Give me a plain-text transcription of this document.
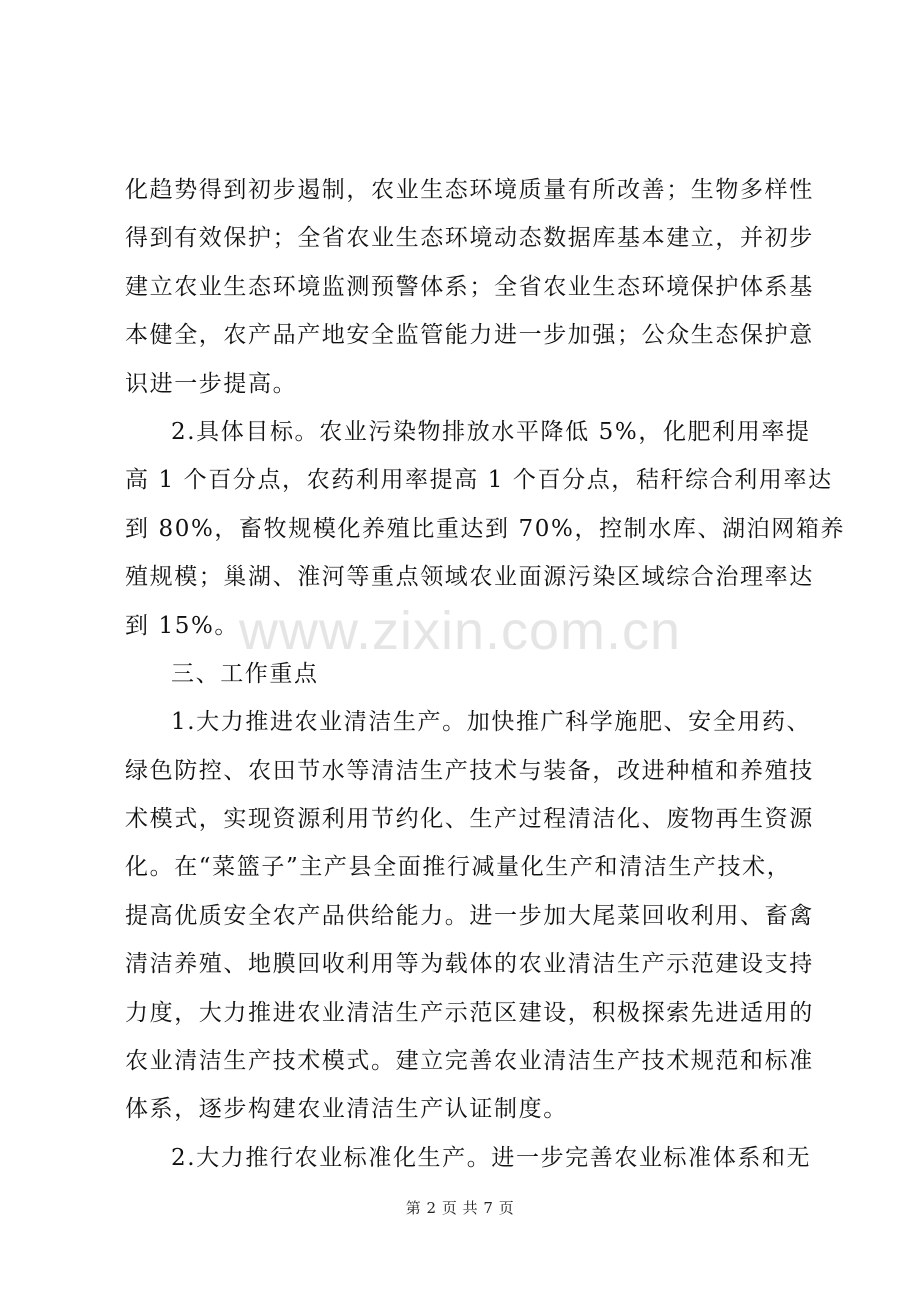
化趋势得到初步遏制，农业生态环境质量有所改善；生物多样性
得到有效保护；全省农业生态环境动态数据库基本建立，并初步
建立农业生态环境监测预警体系；全省农业生态环境保护体系基
本健全，农产品产地安全监管能力进一步加强；公众生态保护意
识进一步提高。
2.具体目标。农业污染物排放水平降低 5%，化肥利用率提
高 1 个百分点，农药利用率提高 1 个百分点，秸秆综合利用率达
到 80%，畜牧规模化养殖比重达到 70%，控制水库、湖泊网箱养
殖规模；巢湖、淮河等重点领域农业面源污染区域综合治理率达
到 15%。
三、工作重点
1.大力推进农业清洁生产。加快推广科学施肥、安全用药、
绿色防控、农田节水等清洁生产技术与装备，改进种植和养殖技
术模式，实现资源利用节约化、生产过程清洁化、废物再生资源
化。在“菜篮子”主产县全面推行减量化生产和清洁生产技术，
提高优质安全农产品供给能力。进一步加大尾菜回收利用、畜禽
清洁养殖、地膜回收利用等为载体的农业清洁生产示范建设支持
力度，大力推进农业清洁生产示范区建设，积极探索先进适用的
农业清洁生产技术模式。建立完善农业清洁生产技术规范和标准
体系，逐步构建农业清洁生产认证制度。
2.大力推行农业标准化生产。进一步完善农业标准体系和无
www.zixin.com.cn
第 2 页 共 7 页
